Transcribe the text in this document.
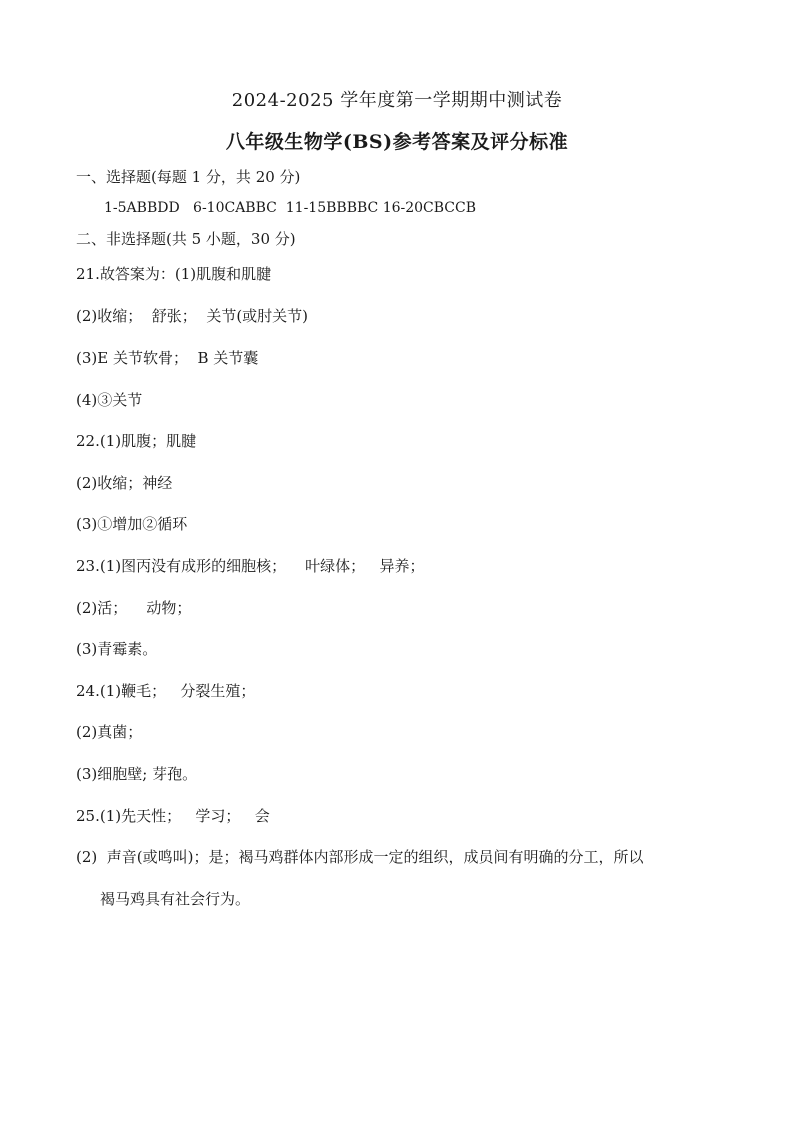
2024-2025 学年度第一学期期中测试卷
八年级生物学(BS)参考答案及评分标准
一、选择题(每题 1 分，共 20 分)
1-5ABBDD   6-10CABBC  11-15BBBBC 16-20CBCCB
二、非选择题(共 5 小题，30 分)
21.故答案为：(1)肌腹和肌腱
(2)收缩；  舒张；  关节(或肘关节)
(3)E 关节软骨；  B 关节囊
(4)③关节
22.(1)肌腹；肌腱
(2)收缩；神经
(3)①增加②循环
23.(1)图丙没有成形的细胞核；    叶绿体；   异养；
(2)活；    动物；
(3)青霉素。
24.(1)鞭毛；   分裂生殖；
(2)真菌；
(3)细胞壁; 芽孢。
25.(1)先天性；   学习；   会
(2)  声音(或鸣叫)；是；褐马鸡群体内部形成一定的组织，成员间有明确的分工，所以
褐马鸡具有社会行为。
